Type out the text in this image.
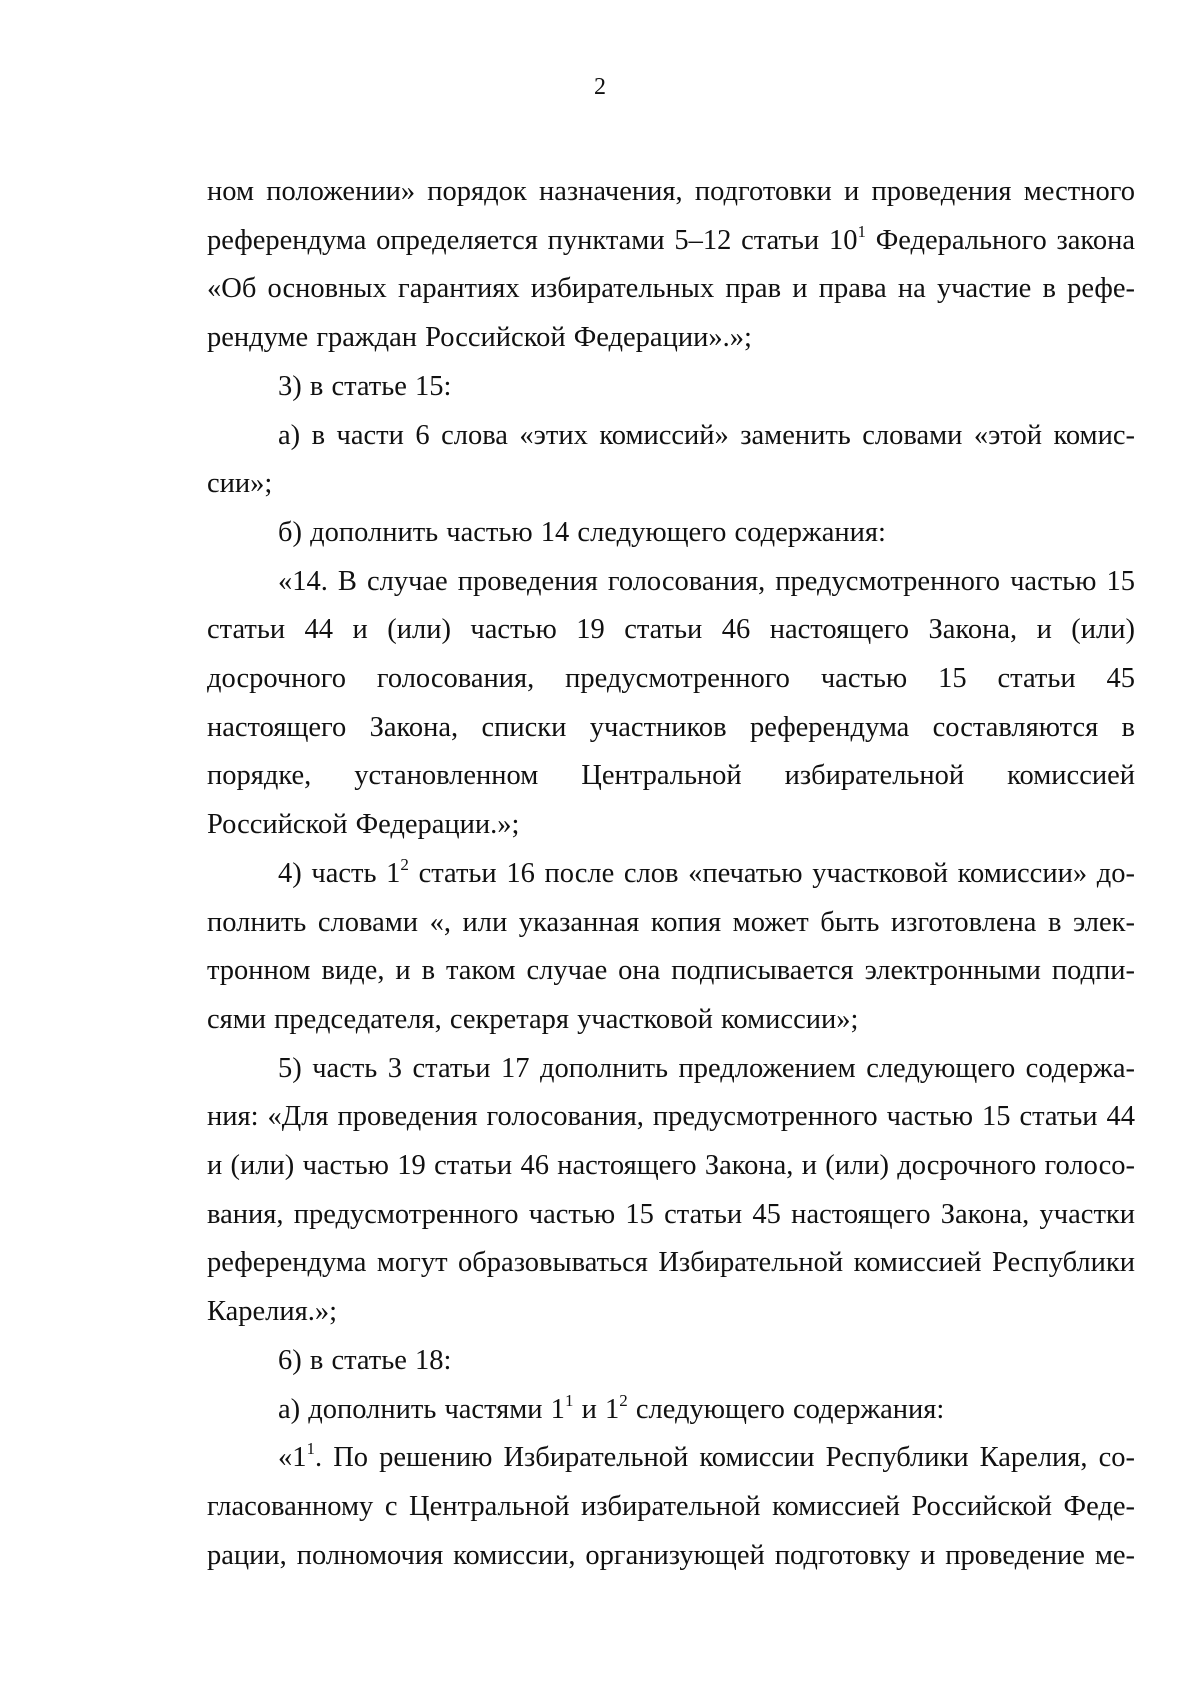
2

ном положении» порядок назначения, подготовки и проведения местного референдума определяется пунктами 5–12 статьи $10^1$ Федерального закона «Об основных гарантиях избирательных прав и права на участие в референдуме граждан Российской Федерации».»;

3) в статье 15:

а) в части 6 слова «этих комиссий» заменить словами «этой комиссии»;

б) дополнить частью 14 следующего содержания:

«14. В случае проведения голосования, предусмотренного частью 15 статьи 44 и (или) частью 19 статьи 46 настоящего Закона, и (или) досрочного голосования, предусмотренного частью 15 статьи 45 настоящего Закона, списки участников референдума составляются в порядке, установленном Центральной избирательной комиссией Российской Федерации.»;

4) часть $1^2$ статьи 16 после слов «печатью участковой комиссии» дополнить словами «, или указанная копия может быть изготовлена в электронном виде, и в таком случае она подписывается электронными подписями председателя, секретаря участковой комиссии»;

5) часть 3 статьи 17 дополнить предложением следующего содержания: «Для проведения голосования, предусмотренного частью 15 статьи 44 и (или) частью 19 статьи 46 настоящего Закона, и (или) досрочного голосования, предусмотренного частью 15 статьи 45 настоящего Закона, участки референдума могут образовываться Избирательной комиссией Республики Карелия.»;

6) в статье 18:

а) дополнить частями $1^1$ и $1^2$ следующего содержания:

«$1^1$. По решению Избирательной комиссии Республики Карелия, согласованному с Центральной избирательной комиссией Российской Федерации, полномочия комиссии, организующей подготовку и проведение ме-
